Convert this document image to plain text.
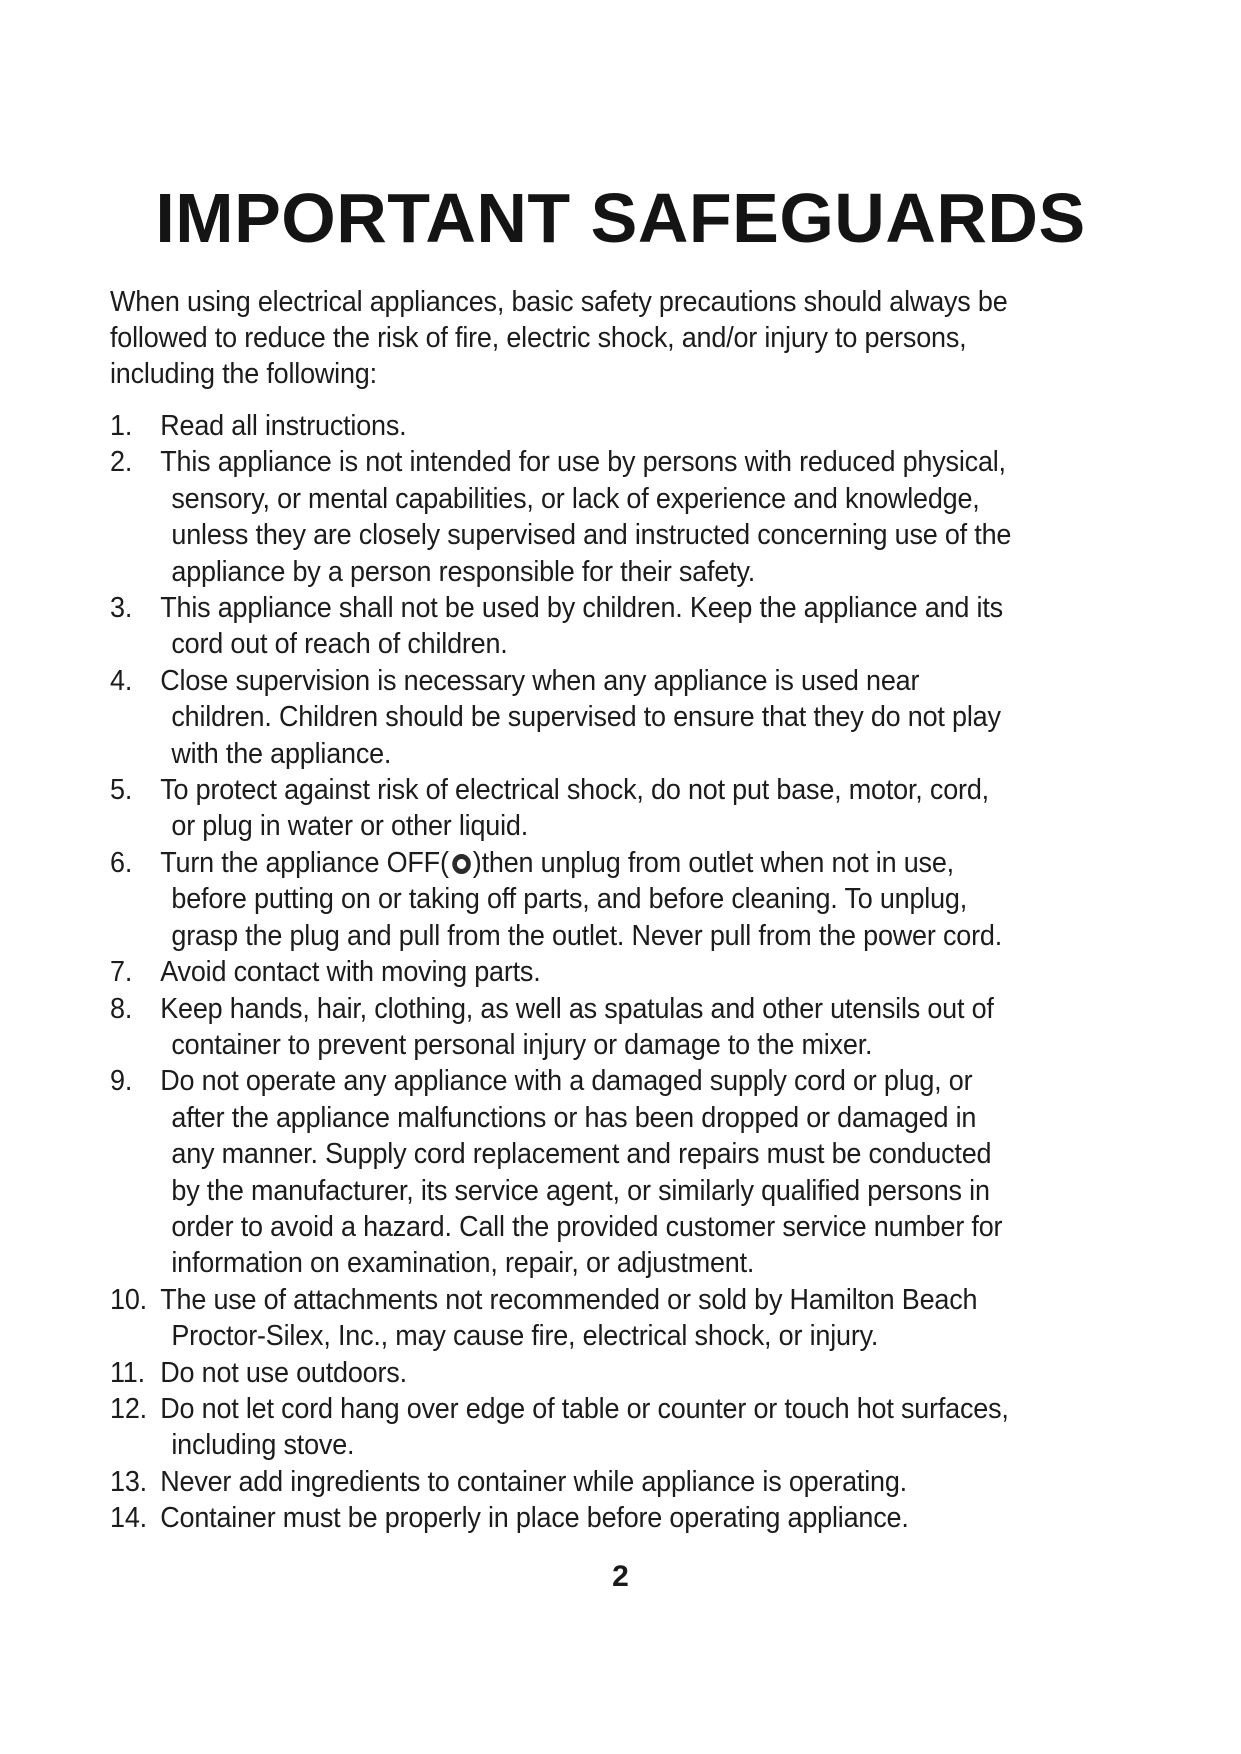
IMPORTANT SAFEGUARDS

When using electrical appliances, basic safety precautions should always be

followed to reduce the risk of fire, electric shock, and/or injury to persons,

including the following:

1. Read all instructions.
2. This appliance is not intended for use by persons with reduced physical,
sensory, or mental capabilities, or lack of experience and knowledge,
unless they are closely supervised and instructed concerning use of the
appliance by a person responsible for their safety.
3. This appliance shall not be used by children. Keep the appliance and its
cord out of reach of children.
4. Close supervision is necessary when any appliance is used near
children. Children should be supervised to ensure that they do not play
with the appliance.
5. To protect against risk of electrical shock, do not put base, motor, cord,
or plug in water or other liquid.
6. Turn the appliance OFF( )then unplug from outlet when not in use,
before putting on or taking off parts, and before cleaning. To unplug,
grasp the plug and pull from the outlet. Never pull from the power cord.
7. Avoid contact with moving parts.
8. Keep hands, hair, clothing, as well as spatulas and other utensils out of
container to prevent personal injury or damage to the mixer.
9. Do not operate any appliance with a damaged supply cord or plug, or
after the appliance malfunctions or has been dropped or damaged in
any manner. Supply cord replacement and repairs must be conducted
by the manufacturer, its service agent, or similarly qualified persons in
order to avoid a hazard. Call the provided customer service number for
information on examination, repair, or adjustment.
10. The use of attachments not recommended or sold by Hamilton Beach
Proctor-Silex, Inc., may cause fire, electrical shock, or injury.
11. Do not use outdoors.
12. Do not let cord hang over edge of table or counter or touch hot surfaces,
including stove.
13. Never add ingredients to container while appliance is operating.
14. Container must be properly in place before operating appliance.
2
